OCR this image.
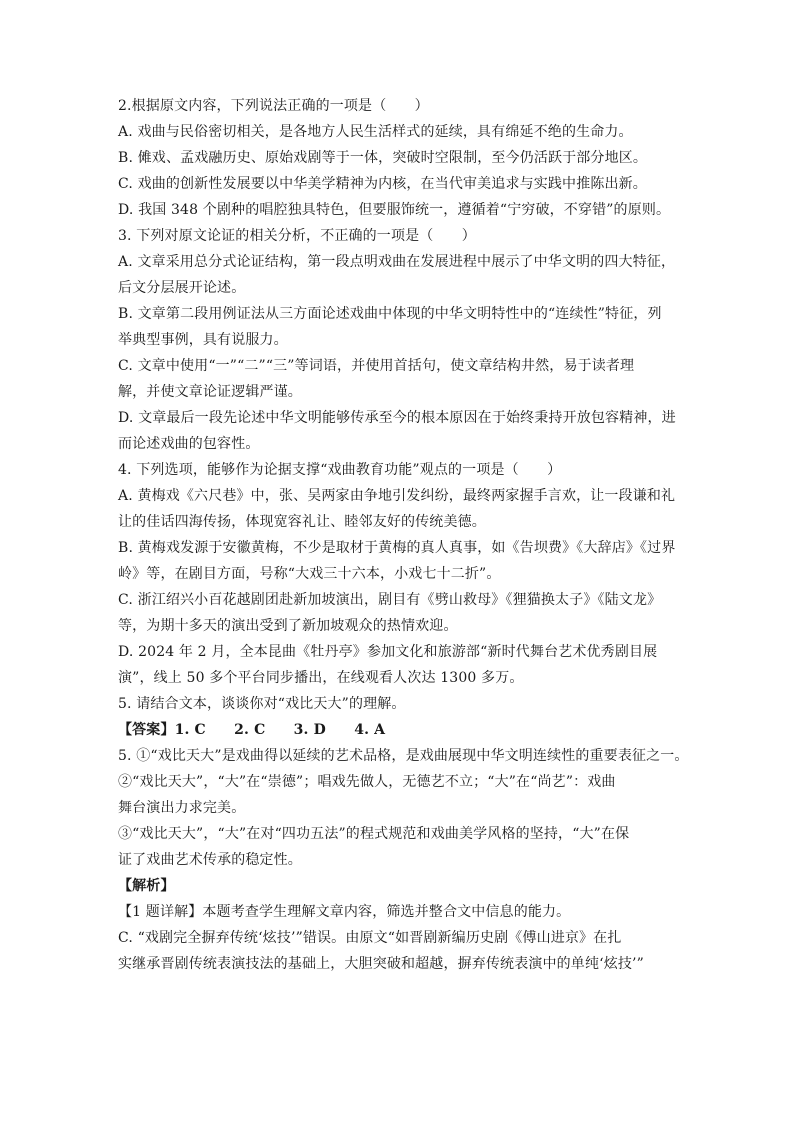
2.根据原文内容，下列说法正确的一项是（　　）
A. 戏曲与民俗密切相关，是各地方人民生活样式的延续，具有绵延不绝的生命力。
B. 傩戏、孟戏融历史、原始戏剧等于一体，突破时空限制，至今仍活跃于部分地区。
C. 戏曲的创新性发展要以中华美学精神为内核，在当代审美追求与实践中推陈出新。
D. 我国 348 个剧种的唱腔独具特色，但要服饰统一，遵循着“宁穷破，不穿错”的原则。
3. 下列对原文论证的相关分析，不正确的一项是（　　）
A. 文章采用总分式论证结构，第一段点明戏曲在发展进程中展示了中华文明的四大特征，
后文分层展开论述。
B. 文章第二段用例证法从三方面论述戏曲中体现的中华文明特性中的“连续性”特征，列
举典型事例，具有说服力。
C. 文章中使用“一”“二”“三”等词语，并使用首括句，使文章结构井然，易于读者理
解，并使文章论证逻辑严谨。
D. 文章最后一段先论述中华文明能够传承至今的根本原因在于始终秉持开放包容精神，进
而论述戏曲的包容性。
4. 下列选项，能够作为论据支撑“戏曲教育功能”观点的一项是（　　）
A. 黄梅戏《六尺巷》中，张、吴两家由争地引发纠纷，最终两家握手言欢，让一段谦和礼
让的佳话四海传扬，体现宽容礼让、睦邻友好的传统美德。
B. 黄梅戏发源于安徽黄梅，不少是取材于黄梅的真人真事，如《告坝费》《大辞店》《过界
岭》等，在剧目方面，号称“大戏三十六本，小戏七十二折”。
C. 浙江绍兴小百花越剧团赴新加坡演出，剧目有《劈山救母》《狸猫换太子》《陆文龙》
等，为期十多天的演出受到了新加坡观众的热情欢迎。
D. 2024 年 2 月，全本昆曲《牡丹亭》参加文化和旅游部“新时代舞台艺术优秀剧目展
演”，线上 50 多个平台同步播出，在线观看人次达 1300 多万。
5. 请结合文本，谈谈你对“戏比天大”的理解。
【答案】1. C　　2. C　　3. D　　4. A
5. ①“戏比天大”是戏曲得以延续的艺术品格，是戏曲展现中华文明连续性的重要表征之一。
②“戏比天大”，“大”在“崇德”；唱戏先做人，无德艺不立；“大”在“尚艺”：戏曲
舞台演出力求完美。
③“戏比天大”，“大”在对“四功五法”的程式规范和戏曲美学风格的坚持，“大”在保
证了戏曲艺术传承的稳定性。
【解析】
【1 题详解】本题考查学生理解文章内容，筛选并整合文中信息的能力。
C. “戏剧完全摒弃传统‘炫技’”错误。由原文“如晋剧新编历史剧《傅山进京》在扎
实继承晋剧传统表演技法的基础上，大胆突破和超越，摒弃传统表演中的单纯‘炫技’”
